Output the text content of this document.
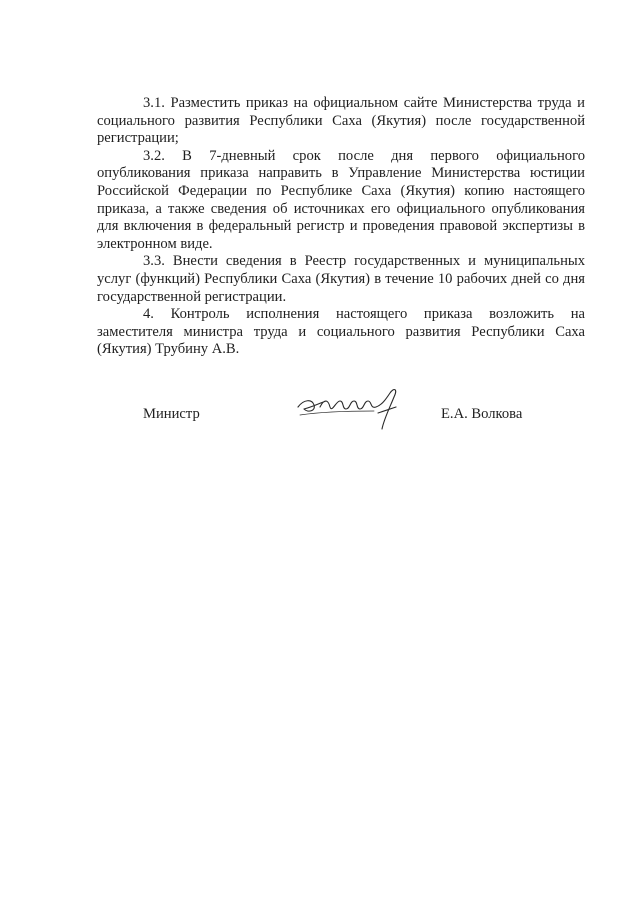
3.1. Разместить приказ на официальном сайте Министерства труда и социального развития Республики Саха (Якутия) после государственной регистрации;

3.2. В 7-дневный срок после дня первого официального опубликования приказа направить в Управление Министерства юстиции Российской Федерации по Республике Саха (Якутия) копию настоящего приказа, а также сведения об источниках его официального опубликования для включения в федеральный регистр и проведения правовой экспертизы в электронном виде.

3.3. Внести сведения в Реестр государственных и муниципальных услуг (функций) Республики Саха (Якутия) в течение 10 рабочих дней со дня государственной регистрации.

4. Контроль исполнения настоящего приказа возложить на заместителя министра труда и социального развития Республики Саха (Якутия) Трубину А.В.

Министр	Е.А. Волкова
